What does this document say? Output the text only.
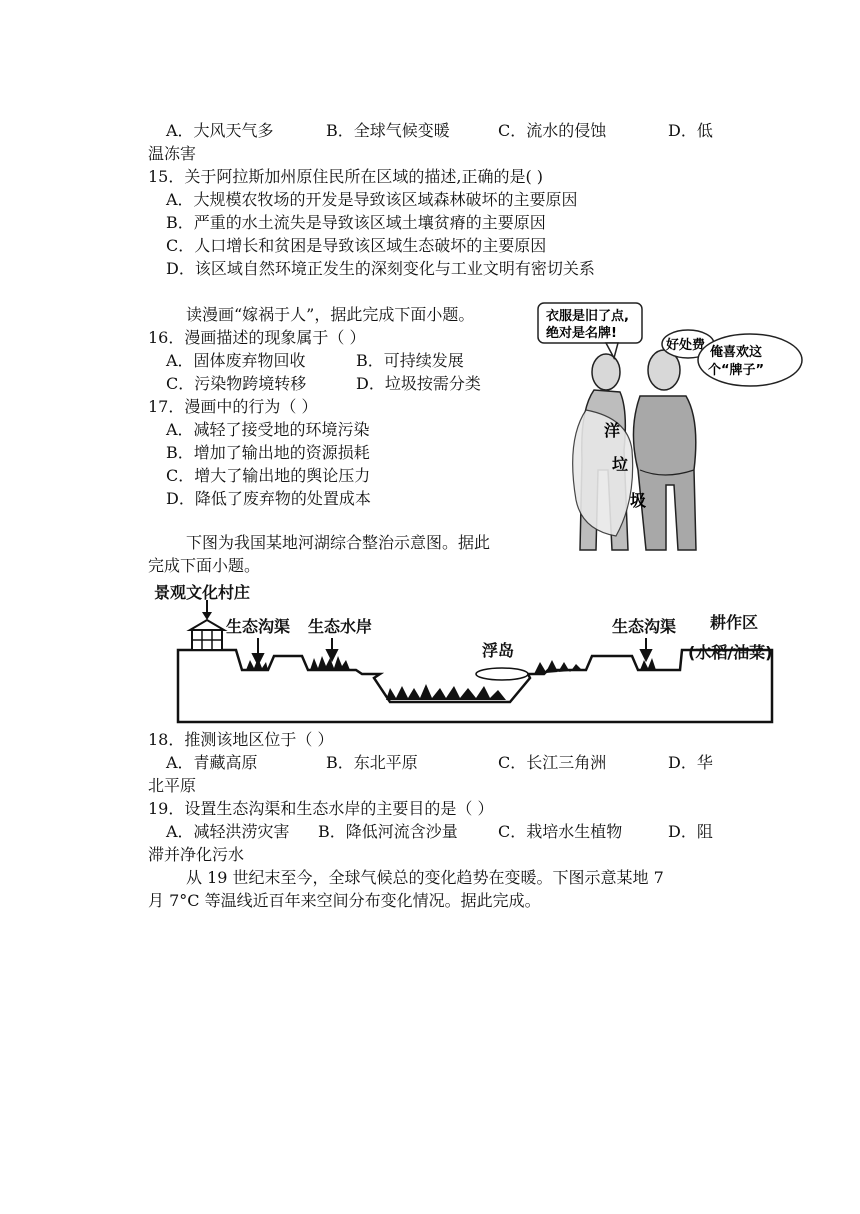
A．大风天气多	B．全球气候变暖	C．流水的侵蚀	D．低
温冻害
15．关于阿拉斯加州原住民所在区域的描述,正确的是( )
A．大规模农牧场的开发是导致该区域森林破坏的主要原因
B．严重的水土流失是导致该区域土壤贫瘠的主要原因
C．人口增长和贫困是导致该区域生态破坏的主要原因
D．该区域自然环境正发生的深刻变化与工业文明有密切关系
读漫画“嫁祸于人”，据此完成下面小题。
16．漫画描述的现象属于（ ）
A．固体废弃物回收	B．可持续发展
C．污染物跨境转移	D．垃圾按需分类
17．漫画中的行为（ ）
A．减轻了接受地的环境污染
B．增加了输出地的资源损耗
C．增大了输出地的舆论压力
D．降低了废弃物的处置成本
衣服是旧了点,
绝对是名牌!
好处费
洋
垃
圾
俺喜欢这
个“牌子”
下图为我国某地河湖综合整治示意图。据此
完成下面小题。
景观文化村庄
生态沟渠 生态水岸
浮岛
生态沟渠 耕作区
(水稻/油菜)
18．推测该地区位于（ ）
A．青藏高原	B．东北平原	C．长江三角洲	D．华
北平原
19．设置生态沟渠和生态水岸的主要目的是（ ）
A．减轻洪涝灾害 B．降低河流含沙量	C．栽培水生植物	D．阻
滞并净化污水
从 19 世纪末至今，全球气候总的变化趋势在变暖。下图示意某地 7
月 7°C 等温线近百年来空间分布变化情况。据此完成。
